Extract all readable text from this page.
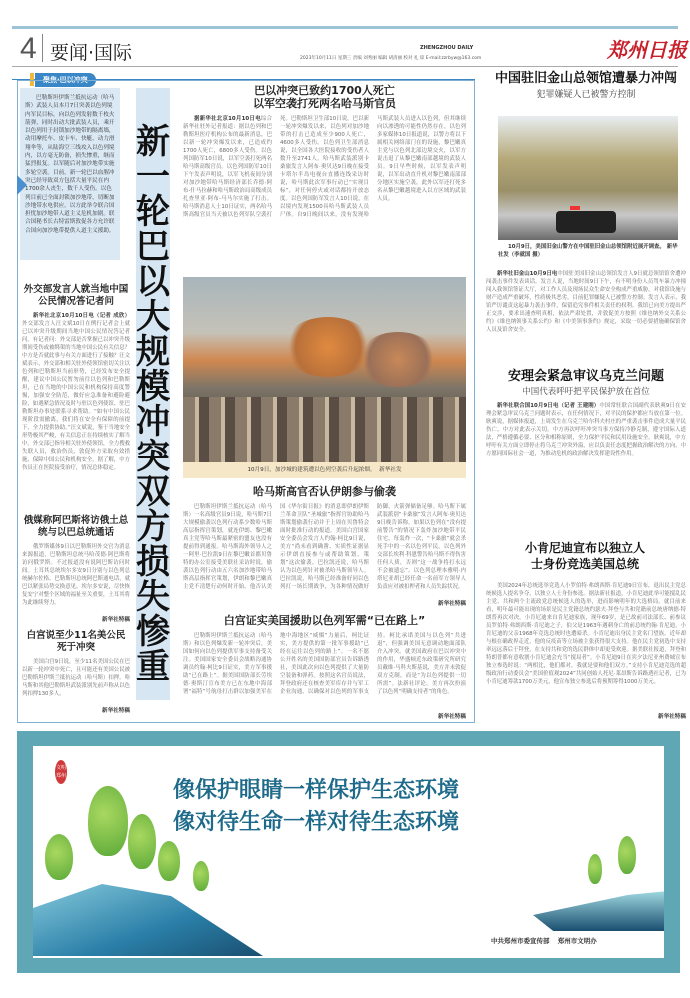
4 要闻·国际	2023年10月11日 星期三 责编 刘秀丽 编辑 胡清丽 校对 礼 琼 E-mail:zzrbyw@163.com
ZHENGZHOU DAILY	郑州日报
聚焦·巴以冲突
巴勒斯坦伊斯兰抵抗运动（哈马斯）武装人员本月7日突袭以色列境内军民目标，向以色列发射数千枚火箭弹，同时出动大批武装人员，乘开以色列用于封锁加沙地带的隔离墙，动用摩托车、皮卡车、快艇、动力滑翔伞等，从陆海空三线攻入以色列境内，以方毫无防备，损失惨重，继而猛烈报复。以军随后对加沙地带实施多轮空袭。目前，新一轮巴以血腥冲突已经导致双方包括大量平民在内1700余人丧生，数千人受伤。以色列目前已全面封锁加沙地带，切断加沙地带水电供应。以方此举令联合国担忧加沙地带人道主义危机加剧。联合国秘书长古特雷斯敦促各方允许联合国向加沙地带提供人道主义援助。
新一轮巴以大规模冲突双方损失惨重
外交部发言人就当地中国公民情况答记者问
新华社北京10月10日电（记者 成欣）外交部发言人汪文斌10日在例行记者会上就已以冲突升级期间当地中国公民情况答记者问。有记者问：外交部是否掌握已以冲突升级期间受伤或被绑架的当地中国公民有关信息？中方是否就此事与有关方面进行了接触？汪文斌表示，外交部和相关驻外使领馆密切关注以色列和巴勒斯坦当前形势，已经发布安全提醒，建议中国公民暂勿前往以色列和巴勒斯坦，已在当地的中国公民和机构保持高度警惕，加强安全防范，做好应急准备和避险避险，如遇紧急情况及时与驻以色列使馆、驻巴勒斯坦办事处联系寻求帮助。“如有中国公民现阶段需撤离，我们将在安全有保障的前提下，全力提供协助。”汪文斌说，鉴于当地安全形势极其严峻，有关信息正在持续核实了解当中。外交部已指导相关驻外使领馆，全力搜救失联人员，救治伤员，敦促外方采取有效措施，保障中国公民和机构安全。据了解，中方伤员正在医院接受治疗，情况总体稳定。
俄媒称阿巴斯将访俄土总统与以巴总统通话
俄罗斯媒体9日以巴勒斯坦外交官为消息来源报道，巴勒斯坦总统马哈茂德·阿巴斯将访问俄罗斯。不过报道没有说阿巴斯访问时间。土耳其总统埃尔多安9日分别与以色列总统赫尔佐格、巴勒斯坦总统阿巴斯通电话，就巴以紧张局势交换意见。埃尔多安说，尽快恢复安宁对整个区域的福祉至关重要，土耳其将为此继续努力。
新华社特稿
白宫说至少11名美公民死于冲突
美国白宫9日说，至少11名美国公民在巴以新一轮冲突中死亡，且可能还有美国公民被巴勒斯坦伊斯兰抵抗运动（哈马斯）扣押。哈马斯和其他巴勒斯坦武装派别先前声称从以色列扣押130多人。
新华社特稿
巴以冲突已致约1700人死亡
以军空袭打死两名哈马斯官员
据新华社北京10月10日电综合新华社驻外记者报道：据以色列和巴勒斯坦医疗机构公布的最新消息，巴以新一轮冲突爆发以来，已造成约1700人死亡，6800多人受伤。以色列国防军10日说，以军空袭打死两名哈马斯高级官员。以色列国防军10日下午发表声明说，以军飞机夜间分别对加沙地带哈马斯经济部长乔德·阿布-什马拉赫和哈马斯政治局高级成员扎查里亚·阿布-马马尔实施了打击。哈马斯消息人士10日证实，两名哈马斯高级官员当天被以色列军队空袭打死。巴勒斯坦卫生部10日说，巴以新一轮冲突爆发以来，以色列对加沙地带的打击已造成至少900人死亡，4600多人受伤。以色列卫生部消息说，以全国各大医院接收的受伤者人数升至2741人。哈马斯武装派别卡桑旅发言人阿布·奥贝达9日晚在接受卡塔尔半岛电视台直播连线采访时说，哈马斯此次军事行动已“实现目标”，对任何停火或对话都持开放态度。以色列国防军发言人10日说，在以境内发现1500具哈马斯武装人员尸体。自9日晚间以来，没有发现哈马斯武装人员进入以色列，但其继续向以渗透的可能性仍然存在。以色列多家媒体10日报道说，以警方将以下属相关网络部门在的设施，黎巴嫩真主党与以色列北部边境交火，以军方说击退了从黎巴嫩南部越境的武装人员。9日早些时候，以军发表声明说，以军出动直升机对黎巴嫩南部部分地区实施空袭，此外以军还打死多名从黎巴嫩越境进入以方区域的武装人员。
10月9日，加沙城的建筑遭以色列空袭后升起浓烟。 新华社发
哈马斯高官否认伊朗参与偷袭
巴勒斯坦伊斯兰抵抗运动（哈马斯）一名高级官员9日说，哈马斯7日大规模偷袭以色列行动系少数哈马斯高层指挥官策划，就连伊朗、黎巴嫩真主党等哈马斯最紧密的盟友也没有提前得到通报。哈马斯海外领导人之一阿里·巴拉凯9日在黎巴嫩首都贝鲁特的办公室接受美联社采访时说，偷袭以色列行动由五六名加沙地带哈马斯高层指挥官策划，伊朗和黎巴嫩真主党不清楚行动何时开始。他否认美国《华尔街日报》的消息即伊朗伊斯兰革命卫队“圣城旅”指挥官协助哈马斯策划偷袭行动并于上周在贝鲁特会面时批准行动的报道。美国白宫国家安全委员会发言人约翰·柯比9日说，美方“尚未看到确凿、实质性证据显示伊朗直接参与或帮助策划、策划”这次偷袭。巴拉凯还说，哈马斯认为以色列针对被杀哈马斯领导人。巴拉凯说，哈马斯已经准备好同以色列打一场长期战争，为各种情况做好防御，火箭弹储备足够。哈马斯下属武装派别“卡桑旅”发言人阿布·奥贝达9日晚告诉称，如果以色列在“没有提前警告”的情况下轰炸加沙地带平民住宅，每轰炸一次，“卡桑旅”就会杀死手中的一名以色列平民。以色列外交部长埃利·科恩警告哈马斯不得伤害任何人质，否则“这一战争将打永远不会被遗忘”。以色列总理本雅明·内塔尼亚胡已经任命一名前军方领导人负责应对被扣押者和人员失踪状况。
新华社特稿
白宫证实美国援助以色列军需“已在路上”
巴勒斯坦伊斯兰抵抗运动（哈马斯）和以色列爆发新一轮冲突后，美国如何向以色列提供军事支持备受关注。美国国家安全委员会战略沟通协调员约翰·柯比9日证实，美方军事援助“已在路上”。据美国国防部长劳埃德·奥斯汀宣布美方已在东地中海部署“福特”号航母打击群以加强美军在地中海地区“威慑”力量后，柯比证实，美方提供的第一批军事援助“已经在运往以色列的路上”。一名不愿公开姓名的美国国防部官员告诉路透社，美国此次向以色列提供了大量防空装备和弹药。按照这名官员说法，拜登政府还在核查美军库存并与军工企业沟通，以确保对以色列的军事支持。柯比承诺美国与以色列“共进退”，但强调美国无意调动地面部队介入冲突。就美国政府在巴以冲突中的作用，华盛顿近东政策研究所研究员戴维·马科夫斯基说，美方并未敦促双方克制，而是“为以色列提供一切所需”。法新社评论，美方再次扮演了以色列“明确支持者”的角色。
新华社特稿
中国驻旧金山总领馆遭暴力冲闯
犯罪嫌疑人已被警方控制
10月9日，美国旧金山警方在中国驻旧金山总领馆附近展开调查。 新华社发（李就国 摄）
新华社旧金山10月9日电中国驻美国旧金山总领馆发言人9日就总领馆馆舍遭冲闯袭击事件发表谈话。发言人说，当地时间9日下午，有不明身份人员驾车暴力冲撞闯入我领馆签证大厅，对工作人员及现场民众生命安全构成严重威胁，对我馆设施与财产造成严重破坏，性质极其恶劣。目前犯罪嫌疑人已被警方控制。发言人表示，我馆严厉谴责这起暴力袭击事件，保留追究事件相关责任的权利。我馆已向美方提出严正交涉，要求出速查明真相，依法严肃处置，并敦促美方按照《维也纳外交关系公约》《维也纳领事关系公约》和《中美领事条约》规定，采取一切必要措施确保馆舍人员及馆舍安全。
安理会紧急审议乌克兰问题
中国代表呼吁把平民保护放在首位
新华社联合国10月9日电（记者 王建刚）中国常驻联合国副代表耿爽9日在安理会紧急审议乌克兰问题时表示，在任何情况下，对平民的保护都应当放在第一位。耿爽说，据媒体报道，上周发生在乌克兰哈尔科夫村庄的严重袭击事件造成大量平民伤亡，中方对此表示关切。中方再次呼吁冲突当事方保持冷静克制，遵守国际人道法，严格遵循必要、区分和相称原则，全力保护平民和民用设施安全。耿爽说，中方呼吁有关方面立即停止将乌克兰冲突外溢，应以负责任态度把握政治解决的方向。中方愿同国际社会一道，为推动危机的政治解决发挥建设性作用。
小肯尼迪宣布以独立人士身份竞选美国总统
美国2024年总统选举竞选人小罗伯特·弗朗西斯·肯尼迪9日宣布，退出民主党总统候选人提名争夺，以独立人士身份参选。据法新社报道，小肯尼迪此举可能搅乱民主党、共和两个主流政党总统候选人的选举，进而影响明年的大选格局。就目前来看，明年最可能出现的场景是民主党籍总统约瑟夫·拜登与共和党籍前总统唐纳德·特朗普再次对决。小肯尼迪来自肯尼迪家族，现年69岁，是已故前司法部长、前参议员罗伯特·弗朗西斯·肯尼迪之子，伯父是1963年遇刺身亡的前总统约翰·肯尼迪。小肯尼迪的父亲1968年竞选总统时也遭暗杀。小肯尼迪出身民主党名门望族，近年却与根在确政界走近，他的反疫苗等立场被主张获得很大支持。他在民主党初选中支持率远远落后于拜登，在支持共和党的选民群体中却更受欢迎。据美联社报道，拜登和特朗普都有意收割小肯尼迪会充当“搅局者”。小肯尼迪9日在宾夕法尼亚州费城宣布独立参选时说：“两相比，他们都对，我就是要和他们双方。”支持小肯尼迪竞选的超级政治行动委员会“美国价值观2024”共同创始人托尼·莱昂斯告诉路透社记者，已为小肯尼迪筹款1700万美元，他宣布独立参选后将预期筹得1000万美元。
新华社特稿
文明郑州
像保护眼睛一样保护生态环境
像对待生命一样对待生态环境
中共郑州市委宣传部 郑州市文明办
